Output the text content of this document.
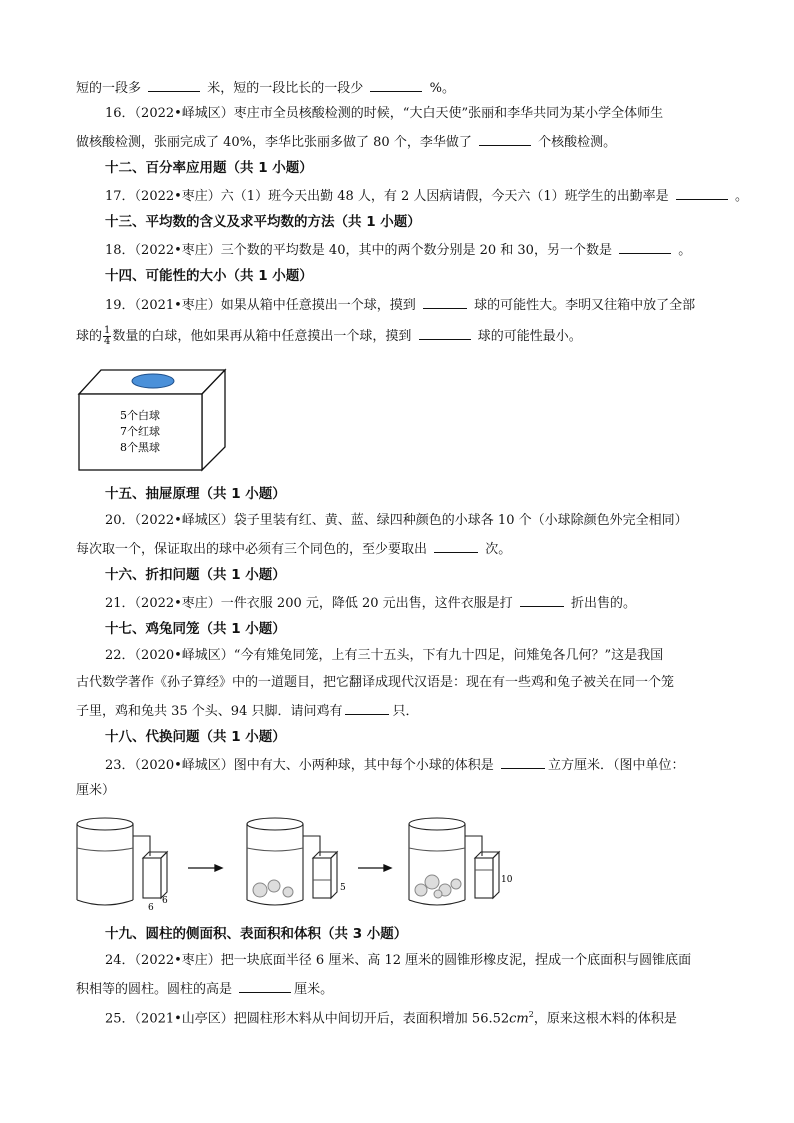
短的一段多	米，短的一段比长的一段少	%。
16．（2022•峄城区）枣庄市全员核酸检测的时候，“大白天使”张丽和李华共同为某小学全体师生
做核酸检测，张丽完成了 40%，李华比张丽多做了 80 个，李华做了	个核酸检测。
十二、百分率应用题（共 1 小题）
17．（2022•枣庄）六（1）班今天出勤 48 人，有 2 人因病请假，今天六（1）班学生的出勤率是	。
十三、平均数的含义及求平均数的方法（共 1 小题）
18．（2022•枣庄）三个数的平均数是 40，其中的两个数分别是 20 和 30，另一个数是	。
十四、可能性的大小（共 1 小题）
19．（2021•枣庄）如果从箱中任意摸出一个球，摸到	球的可能性大。李明又往箱中放了全部
球的 $\frac{1}{4}$ 数量的白球，他如果再从箱中任意摸出一个球，摸到	球的可能性最小。
5个白球
7个红球
8个黑球
十五、抽屉原理（共 1 小题）
20．（2022•峄城区）袋子里装有红、黄、蓝、绿四种颜色的小球各 10 个（小球除颜色外完全相同）
每次取一个，保证取出的球中必须有三个同色的，至少要取出	次。
十六、折扣问题（共 1 小题）
21．（2022•枣庄）一件衣服 200 元，降低 20 元出售，这件衣服是打	折出售的。
十七、鸡兔同笼（共 1 小题）
22．（2020•峄城区）“今有雉兔同笼，上有三十五头，下有九十四足，问雉兔各几何？”这是我国
古代数学著作《孙子算经》中的一道题目，把它翻译成现代汉语是：现在有一些鸡和兔子被关在同一个笼
子里，鸡和兔共 35 个头、94 只脚．请问鸡有	只．
十八、代换问题（共 1 小题）
23．（2020•峄城区）图中有大、小两种球，其中每个小球的体积是	立方厘米．（图中单位：
厘米）
6
6
5
10
十九、圆柱的侧面积、表面积和体积（共 3 小题）
24．（2022•枣庄）把一块底面半径 6 厘米、高 12 厘米的圆锥形橡皮泥，捏成一个底面积与圆锥底面
积相等的圆柱。圆柱的高是	厘米。
25．（2021•山亭区）把圆柱形木料从中间切开后，表面积增加 $56.52cm^2$，原来这根木料的体积是
